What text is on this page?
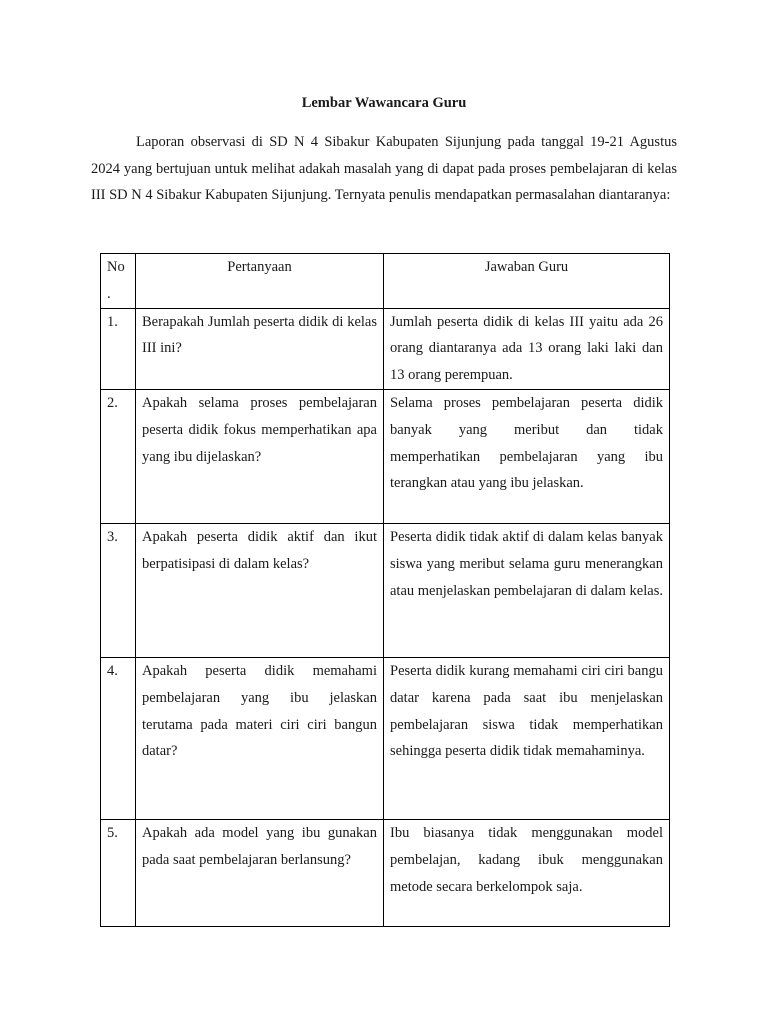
Lembar Wawancara Guru

Laporan observasi di SD N 4 Sibakur Kabupaten Sijunjung pada tanggal 19-21 Agustus 2024 yang bertujuan untuk melihat adakah masalah yang di dapat pada proses pembelajaran di kelas III SD N 4 Sibakur Kabupaten Sijunjung. Ternyata penulis mendapatkan permasalahan diantaranya:

No .	Pertanyaan	Jawaban Guru
1.	Berapakah Jumlah peserta didik di kelas III ini?	Jumlah peserta didik di kelas III yaitu ada 26 orang diantaranya ada 13 orang laki laki dan 13 orang perempuan.
2.	Apakah selama proses pembelajaran peserta didik fokus memperhatikan apa yang ibu dijelaskan?	Selama proses pembelajaran peserta didik banyak yang meribut dan tidak memperhatikan pembelajaran yang ibu terangkan atau yang ibu jelaskan.
3.	Apakah peserta didik aktif dan ikut berpatisipasi di dalam kelas?	Peserta didik tidak aktif di dalam kelas banyak siswa yang meribut selama guru menerangkan atau menjelaskan pembelajaran di dalam kelas.
4.	Apakah peserta didik memahami pembelajaran yang ibu jelaskan terutama pada materi ciri ciri bangun datar?	Peserta didik kurang memahami ciri ciri bangu datar karena pada saat ibu menjelaskan pembelajaran siswa tidak memperhatikan sehingga peserta didik tidak memahaminya.
5.	Apakah ada model yang ibu gunakan pada saat pembelajaran berlansung?	Ibu biasanya tidak menggunakan model pembelajan, kadang ibuk menggunakan metode secara berkelompok saja.
